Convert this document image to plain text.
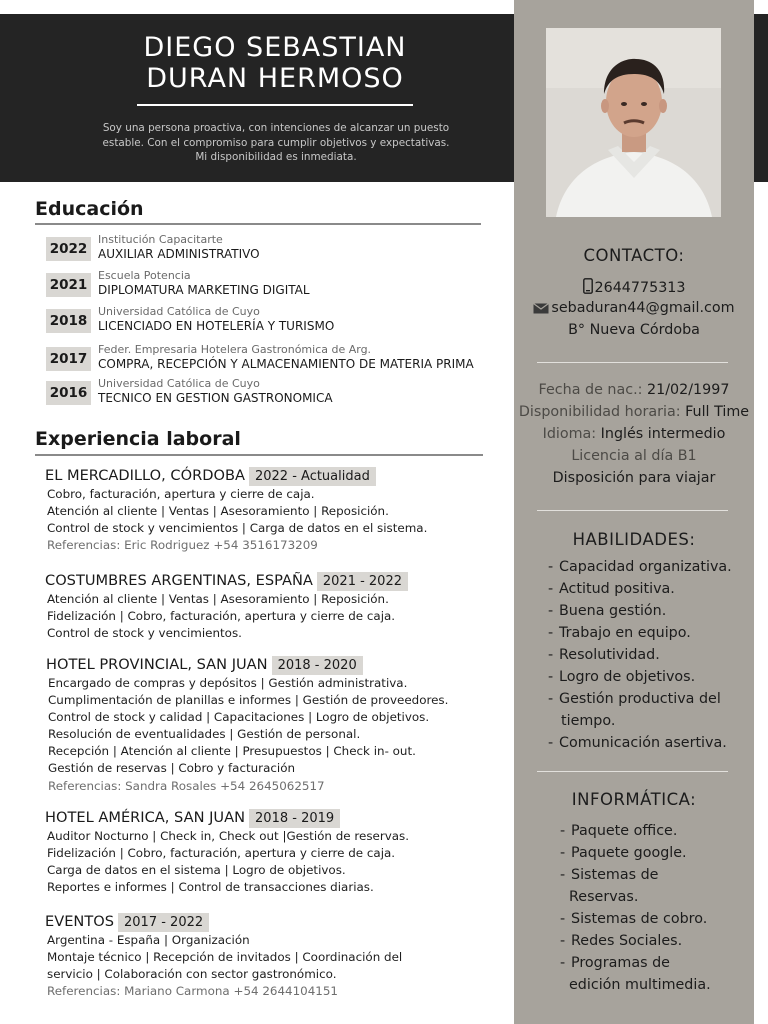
DIEGO SEBASTIAN
DURAN HERMOSO
Soy una persona proactiva, con intenciones de alcanzar un puesto
estable. Con el compromiso para cumplir objetivos y expectativas.
Mi disponibilidad es inmediata.
CONTACTO:
2644775313
sebaduran44@gmail.com
B° Nueva Córdoba
Fecha de nac.: 21/02/1997
Disponibilidad horaria: Full Time
Idioma: Inglés intermedio
Licencia al día B1
Disposición para viajar
HABILIDADES:
- Capacidad organizativa.
- Actitud positiva.
- Buena gestión.
- Trabajo en equipo.
- Resolutividad.
- Logro de objetivos.
- Gestión productiva del
tiempo.
- Comunicación asertiva.
INFORMÁTICA:
- Paquete office.
- Paquete google.
- Sistemas de
Reservas.
- Sistemas de cobro.
- Redes Sociales.
- Programas de
edición multimedia.
Educación
2022
Institución Capacitarte
AUXILIAR ADMINISTRATIVO
2021
Escuela Potencia
DIPLOMATURA MARKETING DIGITAL
2018
Universidad Católica de Cuyo
LICENCIADO EN HOTELERÍA Y TURISMO
2017
Feder. Empresaria Hotelera Gastronómica de Arg.
COMPRA, RECEPCIÓN Y ALMACENAMIENTO DE MATERIA PRIMA
2016
Universidad Católica de Cuyo
TECNICO EN GESTION GASTRONOMICA
Experiencia laboral
EL MERCADILLO, CÓRDOBA 2022 - Actualidad
Cobro, facturación, apertura y cierre de caja.
Atención al cliente | Ventas | Asesoramiento | Reposición.
Control de stock y vencimientos | Carga de datos en el sistema.
Referencias: Eric Rodriguez +54 3516173209
COSTUMBRES ARGENTINAS, ESPAÑA 2021 - 2022
Atención al cliente | Ventas | Asesoramiento | Reposición.
Fidelización | Cobro, facturación, apertura y cierre de caja.
Control de stock y vencimientos.
HOTEL PROVINCIAL, SAN JUAN 2018 - 2020
Encargado de compras y depósitos | Gestión administrativa.
Cumplimentación de planillas e informes | Gestión de proveedores.
Control de stock y calidad | Capacitaciones | Logro de objetivos.
Resolución de eventualidades | Gestión de personal.
Recepción | Atención al cliente | Presupuestos | Check in- out.
Gestión de reservas | Cobro y facturación
Referencias: Sandra Rosales +54 2645062517
HOTEL AMÉRICA, SAN JUAN 2018 - 2019
Auditor Nocturno | Check in, Check out |Gestión de reservas.
Fidelización | Cobro, facturación, apertura y cierre de caja.
Carga de datos en el sistema | Logro de objetivos.
Reportes e informes | Control de transacciones diarias.
EVENTOS 2017 - 2022
Argentina - España | Organización
Montaje técnico | Recepción de invitados | Coordinación del
servicio | Colaboración con sector gastronómico.
Referencias: Mariano Carmona +54 2644104151
